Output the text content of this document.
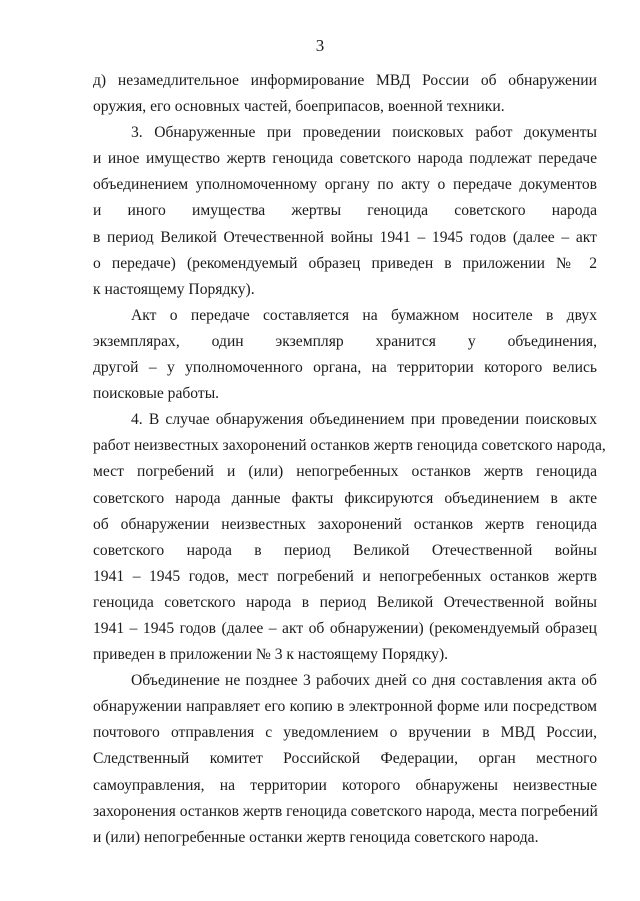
3

д) незамедлительное информирование МВД России об обнаружении
оружия, его основных частей, боеприпасов, военной техники.

3. Обнаруженные при проведении поисковых работ документы
и иное имущество жертв геноцида советского народа подлежат передаче
объединением уполномоченному органу по акту о передаче документов
и иного имущества жертвы геноцида советского народа
в период Великой Отечественной войны 1941 – 1945 годов (далее – акт
о передаче) (рекомендуемый образец приведен в приложении № 2
к настоящему Порядку).

Акт о передаче составляется на бумажном носителе в двух
экземплярах, один экземпляр хранится у объединения,
другой – у уполномоченного органа, на территории которого велись
поисковые работы.

4. В случае обнаружения объединением при проведении поисковых
работ неизвестных захоронений останков жертв геноцида советского народа,
мест погребений и (или) непогребенных останков жертв геноцида
советского народа данные факты фиксируются объединением в акте
об обнаружении неизвестных захоронений останков жертв геноцида
советского народа в период Великой Отечественной войны
1941 – 1945 годов, мест погребений и непогребенных останков жертв
геноцида советского народа в период Великой Отечественной войны
1941 – 1945 годов (далее – акт об обнаружении) (рекомендуемый образец
приведен в приложении № 3 к настоящему Порядку).

Объединение не позднее 3 рабочих дней со дня составления акта об
обнаружении направляет его копию в электронной форме или посредством
почтового отправления с уведомлением о вручении в МВД России,
Следственный комитет Российской Федерации, орган местного
самоуправления, на территории которого обнаружены неизвестные
захоронения останков жертв геноцида советского народа, места погребений
и (или) непогребенные останки жертв геноцида советского народа.
